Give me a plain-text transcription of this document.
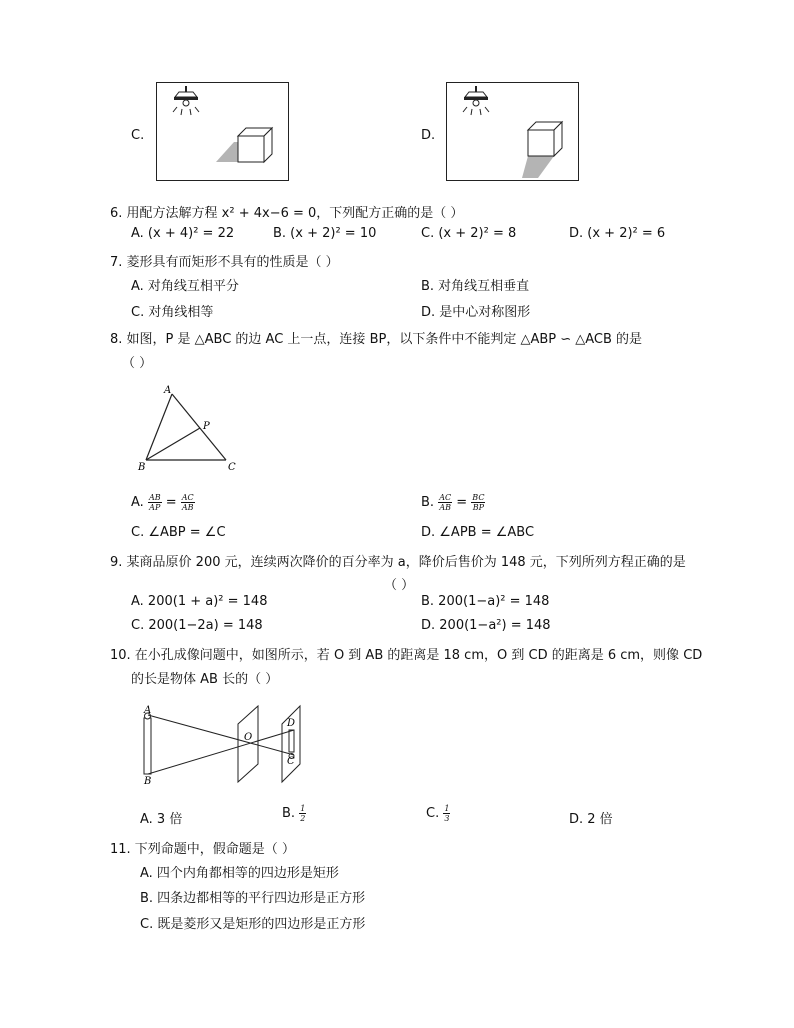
C.	D.
6. 用配方法解方程 x² + 4x−6 = 0，下列配方正确的是（ ）
A. (x + 4)² = 22	B. (x + 2)² = 10	C. (x + 2)² = 8	D. (x + 2)² = 6
7. 菱形具有而矩形不具有的性质是（ ）
A. 对角线互相平分	B. 对角线互相垂直
C. 对角线相等	D. 是中心对称图形
8. 如图，P 是 △ABC 的边 AC 上一点，连接 BP，以下条件中不能判定 △ABP ∽ △ACB 的是
（ ）
A
P
B	C
A. $\frac{AB}{AP} = \frac{AC}{AB}$	B. $\frac{AC}{AB} = \frac{BC}{BP}$
C. ∠ABP = ∠C	D. ∠APB = ∠ABC
9. 某商品原价 200 元，连续两次降价的百分率为 a，降价后售价为 148 元，下列所列方程正确的是
（ ）
A. 200(1 + a)² = 148	B. 200(1−a)² = 148
C. 200(1−2a) = 148	D. 200(1−a²) = 148
10. 在小孔成像问题中，如图所示，若 O 到 AB 的距离是 18 cm，O 到 CD 的距离是 6 cm，则像 CD
的长是物体 AB 长的（ ）
A
B
O
D
C
A. 3 倍	B. $\frac{1}{2}$	C. $\frac{1}{3}$	D. 2 倍
11. 下列命题中，假命题是（ ）
A. 四个内角都相等的四边形是矩形
B. 四条边都相等的平行四边形是正方形
C. 既是菱形又是矩形的四边形是正方形
